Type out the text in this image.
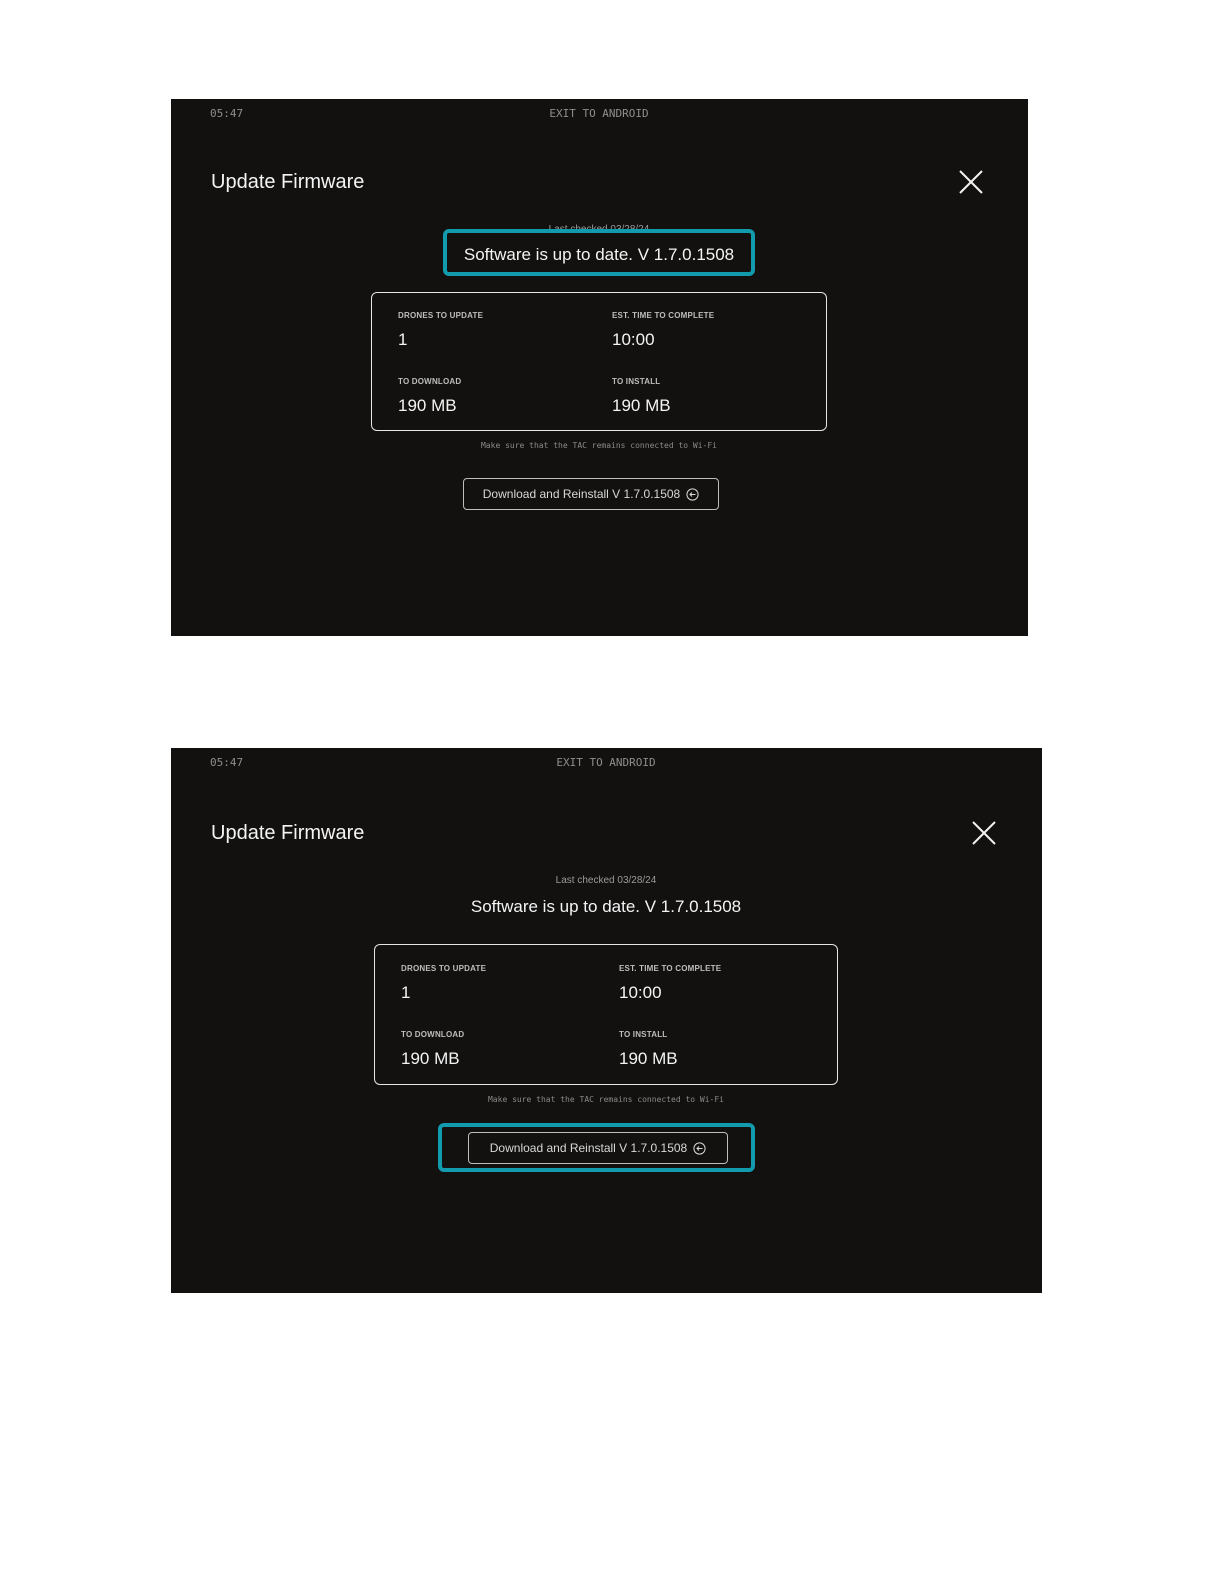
05:47	EXIT TO ANDROID
Update Firmware
Software is up to date. V 1.7.0.1508
DRONES TO UPDATE
1
EST. TIME TO COMPLETE
10:00
TO DOWNLOAD
190 MB
TO INSTALL
190 MB
Make sure that the TAC remains connected to Wi-Fi
Download and Reinstall V 1.7.0.1508
05:47	EXIT TO ANDROID
Update Firmware
Last checked 03/28/24
Software is up to date. V 1.7.0.1508
DRONES TO UPDATE
1
EST. TIME TO COMPLETE
10:00
TO DOWNLOAD
190 MB
TO INSTALL
190 MB
Make sure that the TAC remains connected to Wi-Fi
Download and Reinstall V 1.7.0.1508
